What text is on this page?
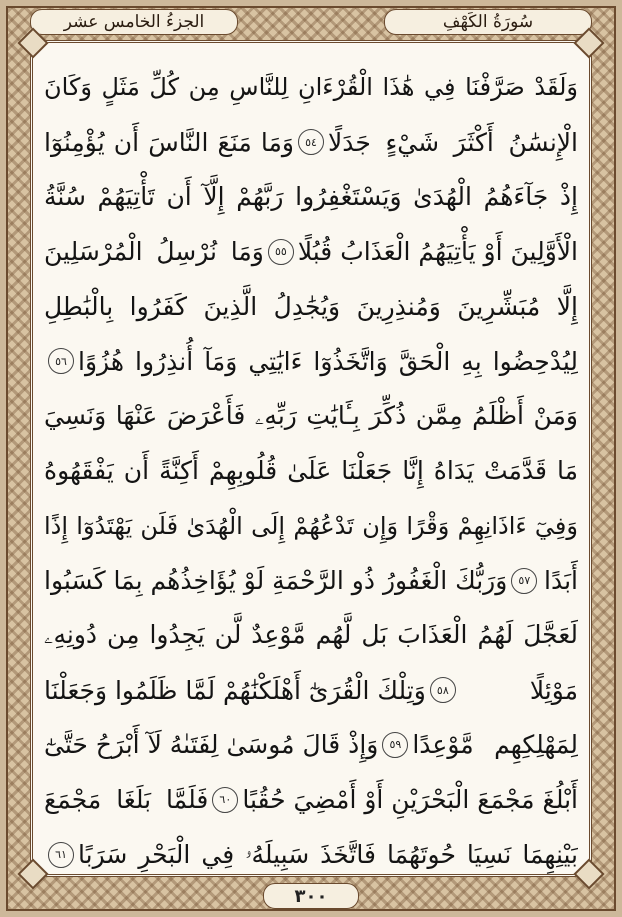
الجزءُ الخامس عشر	سُورَةُ الكَهْفِ
وَلَقَدْ صَرَّفْنَا فِي هَٰذَا الْقُرْءَانِ لِلنَّاسِ مِن كُلِّ مَثَلٍ وَكَانَ
الْإِنسَٰنُ أَكْثَرَ شَيْءٍ جَدَلًا
٥٤
وَمَا مَنَعَ النَّاسَ أَن يُؤْمِنُوٓا
إِذْ جَآءَهُمُ الْهُدَىٰ وَيَسْتَغْفِرُوا رَبَّهُمْ إِلَّآ أَن تَأْتِيَهُمْ سُنَّةُ
الْأَوَّلِينَ أَوْ يَأْتِيَهُمُ الْعَذَابُ قُبُلًا
٥٥
وَمَا نُرْسِلُ الْمُرْسَلِينَ
إِلَّا مُبَشِّرِينَ وَمُنذِرِينَ وَيُجَٰدِلُ الَّذِينَ كَفَرُوا بِالْبَٰطِلِ
لِيُدْحِضُوا بِهِ الْحَقَّ وَاتَّخَذُوٓا ءَايَٰتِي وَمَآ أُنذِرُوا هُزُوًا
٥٦
وَمَنْ أَظْلَمُ مِمَّن ذُكِّرَ بِـَٔايَٰتِ رَبِّهِۦ فَأَعْرَضَ عَنْهَا وَنَسِيَ
مَا قَدَّمَتْ يَدَاهُ إِنَّا جَعَلْنَا عَلَىٰ قُلُوبِهِمْ أَكِنَّةً أَن يَفْقَهُوهُ
وَفِيٓ ءَاذَانِهِمْ وَقْرًا وَإِن تَدْعُهُمْ إِلَى الْهُدَىٰ فَلَن يَهْتَدُوٓا إِذًا
أَبَدًا
٥٧
وَرَبُّكَ الْغَفُورُ ذُو الرَّحْمَةِ لَوْ يُؤَاخِذُهُم بِمَا كَسَبُوا
لَعَجَّلَ لَهُمُ الْعَذَابَ بَل لَّهُم مَّوْعِدٌ لَّن يَجِدُوا مِن دُونِهِۦ
مَوْئِلًا
٥٨
وَتِلْكَ الْقُرَىٰٓ أَهْلَكْنَٰهُمْ لَمَّا ظَلَمُوا وَجَعَلْنَا
لِمَهْلِكِهِم مَّوْعِدًا
٥٩
وَإِذْ قَالَ مُوسَىٰ لِفَتَىٰهُ لَآ أَبْرَحُ حَتَّىٰٓ
أَبْلُغَ مَجْمَعَ الْبَحْرَيْنِ أَوْ أَمْضِيَ حُقُبًا
٦٠
فَلَمَّا بَلَغَا مَجْمَعَ
بَيْنِهِمَا نَسِيَا حُوتَهُمَا فَاتَّخَذَ سَبِيلَهُۥ فِي الْبَحْرِ سَرَبًا
٦١
٣٠٠
